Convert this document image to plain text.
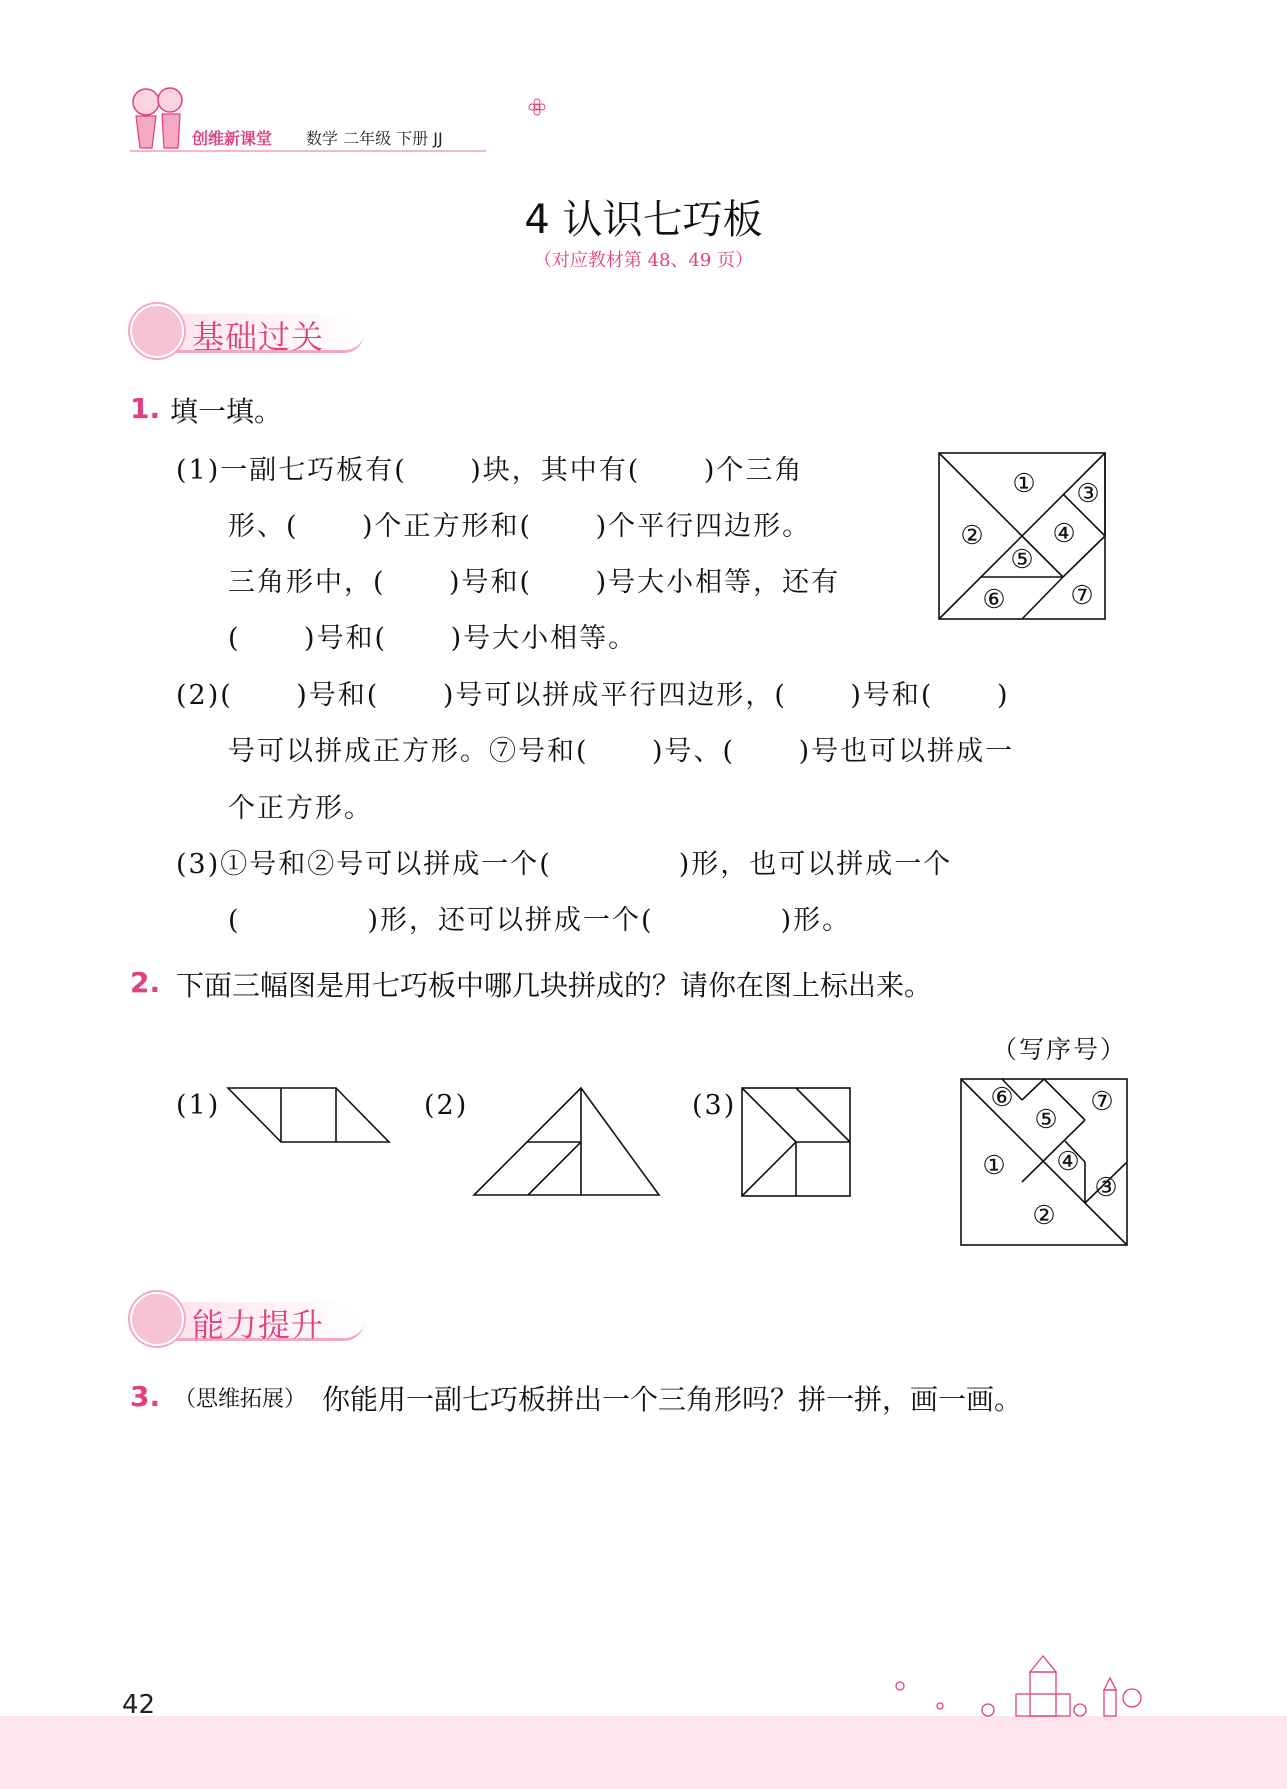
创维新课堂 数学 二年级 下册 JJ
4 认识七巧板
（对应教材第 48、49 页）
基础过关
1. 填一填。
(1)一副七巧板有(      )块，其中有(      )个三角
形、(      )个正方形和(      )个平行四边形。
三角形中，(      )号和(      )号大小相等，还有
(      )号和(      )号大小相等。
(2)(      )号和(      )号可以拼成平行四边形，(      )号和(      )
号可以拼成正方形。⑦号和(      )号、(      )号也可以拼成一
个正方形。
(3)①号和②号可以拼成一个(            )形，也可以拼成一个
(            )形，还可以拼成一个(            )形。
①
②
③
④
⑤
⑥ ⑦
2. 下面三幅图是用七巧板中哪几块拼成的？请你在图上标出来。
（写序号）
(1)	(2)	(3)	⑥
⑤
⑦
① ④
③
②
能力提升
3. （思维拓展） 你能用一副七巧板拼出一个三角形吗？拼一拼，画一画。
42
